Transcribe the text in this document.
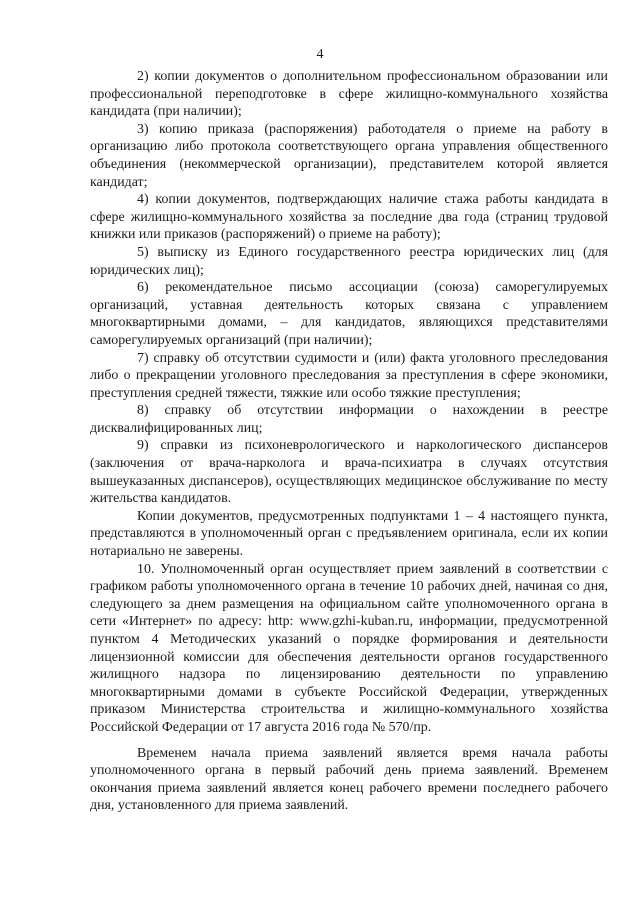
4

2) копии документов о дополнительном профессиональном образовании или профессиональной переподготовке в сфере жилищно-коммунального хозяйства кандидата (при наличии);

3) копию приказа (распоряжения) работодателя о приеме на работу в организацию либо протокола соответствующего органа управления общественного объединения (некоммерческой организации), представителем которой является кандидат;

4) копии документов, подтверждающих наличие стажа работы кандидата в сфере жилищно-коммунального хозяйства за последние два года (страниц трудовой книжки или приказов (распоряжений) о приеме на работу);

5) выписку из Единого государственного реестра юридических лиц (для юридических лиц);

6) рекомендательное письмо ассоциации (союза) саморегулируемых организаций, уставная деятельность которых связана с управлением многоквартирными домами, – для кандидатов, являющихся представителями саморегулируемых организаций (при наличии);

7) справку об отсутствии судимости и (или) факта уголовного преследования либо о прекращении уголовного преследования за преступления в сфере экономики, преступления средней тяжести, тяжкие или особо тяжкие преступления;

8) справку об отсутствии информации о нахождении в реестре дисквалифицированных лиц;

9) справки из психоневрологического и наркологического диспансеров (заключения от врача-нарколога и врача-психиатра в случаях отсутствия вышеуказанных диспансеров), осуществляющих медицинское обслуживание по месту жительства кандидатов.

Копии документов, предусмотренных подпунктами 1 – 4 настоящего пункта, представляются в уполномоченный орган с предъявлением оригинала, если их копии нотариально не заверены.

10. Уполномоченный орган осуществляет прием заявлений в соответствии с графиком работы уполномоченного органа в течение 10 рабочих дней, начиная со дня, следующего за днем размещения на официальном сайте уполномоченного органа в сети «Интернет» по адресу: http: www.gzhi-kuban.ru, информации, предусмотренной пунктом 4 Методических указаний о порядке формирования и деятельности лицензионной комиссии для обеспечения деятельности органов государственного жилищного надзора по лицензированию деятельности по управлению многоквартирными домами в субъекте Российской Федерации, утвержденных приказом Министерства строительства и жилищно-коммунального хозяйства Российской Федерации от 17 августа 2016 года № 570/пр.

Временем начала приема заявлений является время начала работы уполномоченного органа в первый рабочий день приема заявлений. Временем окончания приема заявлений является конец рабочего времени последнего рабочего дня, установленного для приема заявлений.
